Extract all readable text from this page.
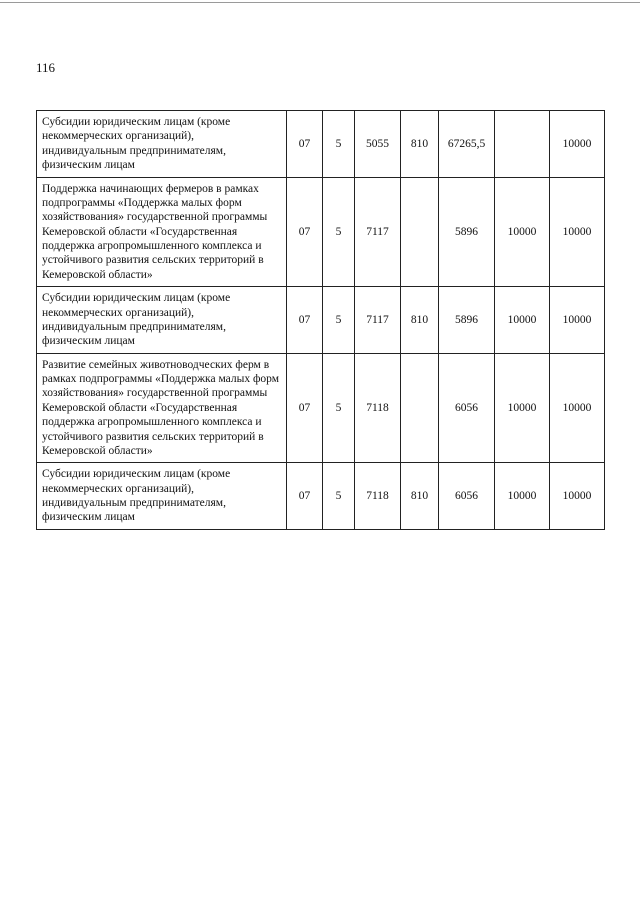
116
Субсидии юридическим лицам (кроме некоммерческих организаций), индивидуальным предпринимателям, физическим лицам	07	5	5055	810	67265,5		10000
Поддержка начинающих фермеров в рамках подпрограммы «Поддержка малых форм хозяйствования» государственной программы Кемеровской области «Государственная поддержка агропромышленного комплекса и устойчивого развития сельских территорий в Кемеровской области»	07	5	7117		5896	10000	10000
Субсидии юридическим лицам (кроме некоммерческих организаций), индивидуальным предпринимателям, физическим лицам	07	5	7117	810	5896	10000	10000
Развитие семейных животноводческих ферм в рамках подпрограммы «Поддержка малых форм хозяйствования» государственной программы Кемеровской области «Государственная поддержка агропромышленного комплекса и устойчивого развития сельских территорий в Кемеровской области»	07	5	7118		6056	10000	10000
Субсидии юридическим лицам (кроме некоммерческих организаций), индивидуальным предпринимателям, физическим лицам	07	5	7118	810	6056	10000	10000
